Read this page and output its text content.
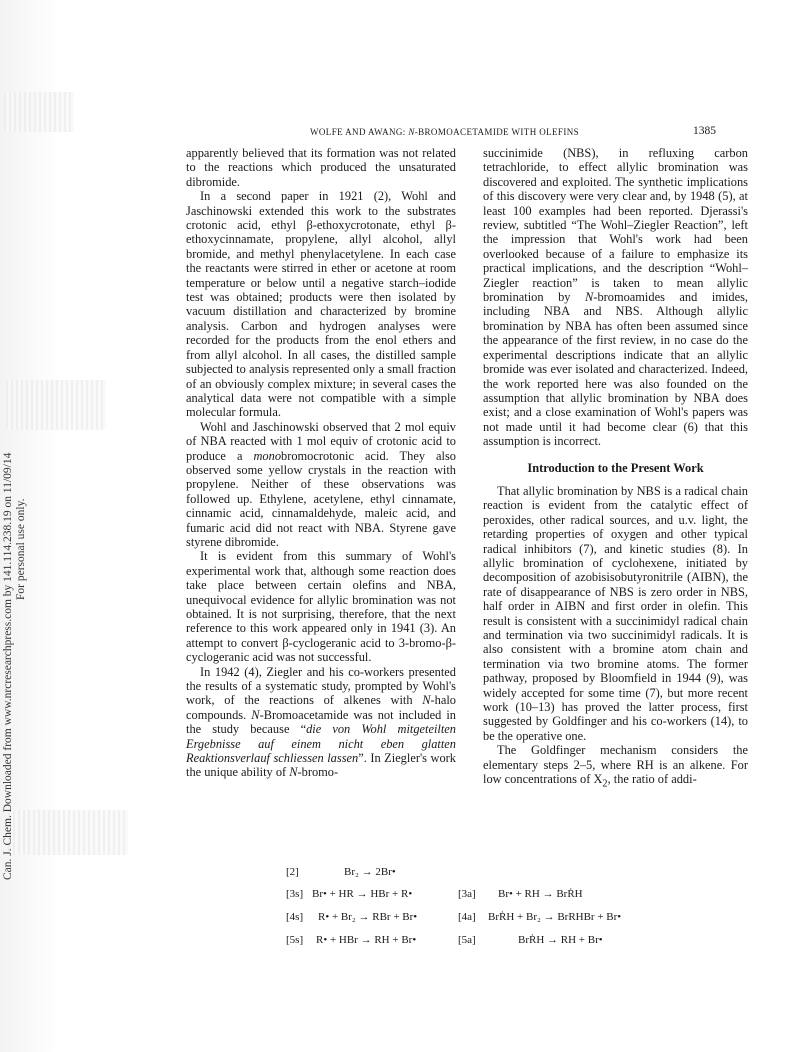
Can. J. Chem. Downloaded from www.nrcresearchpress.com by 141.114.238.19 on 11/09/14 For personal use only.
WOLFE AND AWANG: N-BROMOACETAMIDE WITH OLEFINS	1385

apparently believed that its formation was not related to the reactions which produced the unsaturated dibromide.

In a second paper in 1921 (2), Wohl and Jaschinowski extended this work to the substrates crotonic acid, ethyl β-ethoxycrotonate, ethyl β-ethoxycinnamate, propylene, allyl alcohol, allyl bromide, and methyl phenylacetylene. In each case the reactants were stirred in ether or acetone at room temperature or below until a negative starch–iodide test was obtained; products were then isolated by vacuum distillation and characterized by bromine analysis. Carbon and hydrogen analyses were recorded for the products from the enol ethers and from allyl alcohol. In all cases, the distilled sample subjected to analysis represented only a small fraction of an obviously complex mixture; in several cases the analytical data were not compatible with a simple molecular formula.

Wohl and Jaschinowski observed that 2 mol equiv of NBA reacted with 1 mol equiv of crotonic acid to produce a monobromocrotonic acid. They also observed some yellow crystals in the reaction with propylene. Neither of these observations was followed up. Ethylene, acetylene, ethyl cinnamate, cinnamic acid, cinnamaldehyde, maleic acid, and fumaric acid did not react with NBA. Styrene gave styrene dibromide.

It is evident from this summary of Wohl's experimental work that, although some reaction does take place between certain olefins and NBA, unequivocal evidence for allylic bromination was not obtained. It is not surprising, therefore, that the next reference to this work appeared only in 1941 (3). An attempt to convert β-cyclogeranic acid to 3-bromo-β-cyclogeranic acid was not successful.

In 1942 (4), Ziegler and his co-workers presented the results of a systematic study, prompted by Wohl's work, of the reactions of alkenes with N-halo compounds. N-Bromoacetamide was not included in the study because “die von Wohl mitgeteilten Ergebnisse auf einem nicht eben glatten Reaktionsverlauf schliessen lassen”. In Ziegler's work the unique ability of N-bromo-

succinimide (NBS), in refluxing carbon tetrachloride, to effect allylic bromination was discovered and exploited. The synthetic implications of this discovery were very clear and, by 1948 (5), at least 100 examples had been reported. Djerassi's review, subtitled “The Wohl–Ziegler Reaction”, left the impression that Wohl's work had been overlooked because of a failure to emphasize its practical implications, and the description “Wohl–Ziegler reaction” is taken to mean allylic bromination by N-bromoamides and imides, including NBA and NBS. Although allylic bromination by NBA has often been assumed since the appearance of the first review, in no case do the experimental descriptions indicate that an allylic bromide was ever isolated and characterized. Indeed, the work reported here was also founded on the assumption that allylic bromination by NBA does exist; and a close examination of Wohl's papers was not made until it had become clear (6) that this assumption is incorrect.

Introduction to the Present Work

That allylic bromination by NBS is a radical chain reaction is evident from the catalytic effect of peroxides, other radical sources, and u.v. light, the retarding properties of oxygen and other typical radical inhibitors (7), and kinetic studies (8). In allylic bromination of cyclohexene, initiated by decomposition of azobisisobutyronitrile (AIBN), the rate of disappearance of NBS is zero order in NBS, half order in AIBN and first order in olefin. This result is consistent with a succinimidyl radical chain and termination via two succinimidyl radicals. It is also consistent with a bromine atom chain and termination via two bromine atoms. The former pathway, proposed by Bloomfield in 1944 (9), was widely accepted for some time (7), but more recent work (10–13) has proved the latter process, first suggested by Goldfinger and his co-workers (14), to be the operative one.

The Goldfinger mechanism considers the elementary steps 2–5, where RH is an alkene. For low concentrations of $X_2$, the ratio of addi-

[2]	Br₂ → 2Br•
[3s] Br• + HR → HBr + R•
[4s] R• + Br₂ → RBr + Br•
[5s] R• + HBr → RH + Br•
[3a] Br• + RH → BrṘH
[4a] BrṘH + Br₂ → BrRHBr + Br•
[5a]	BrṘH → RH + Br•
